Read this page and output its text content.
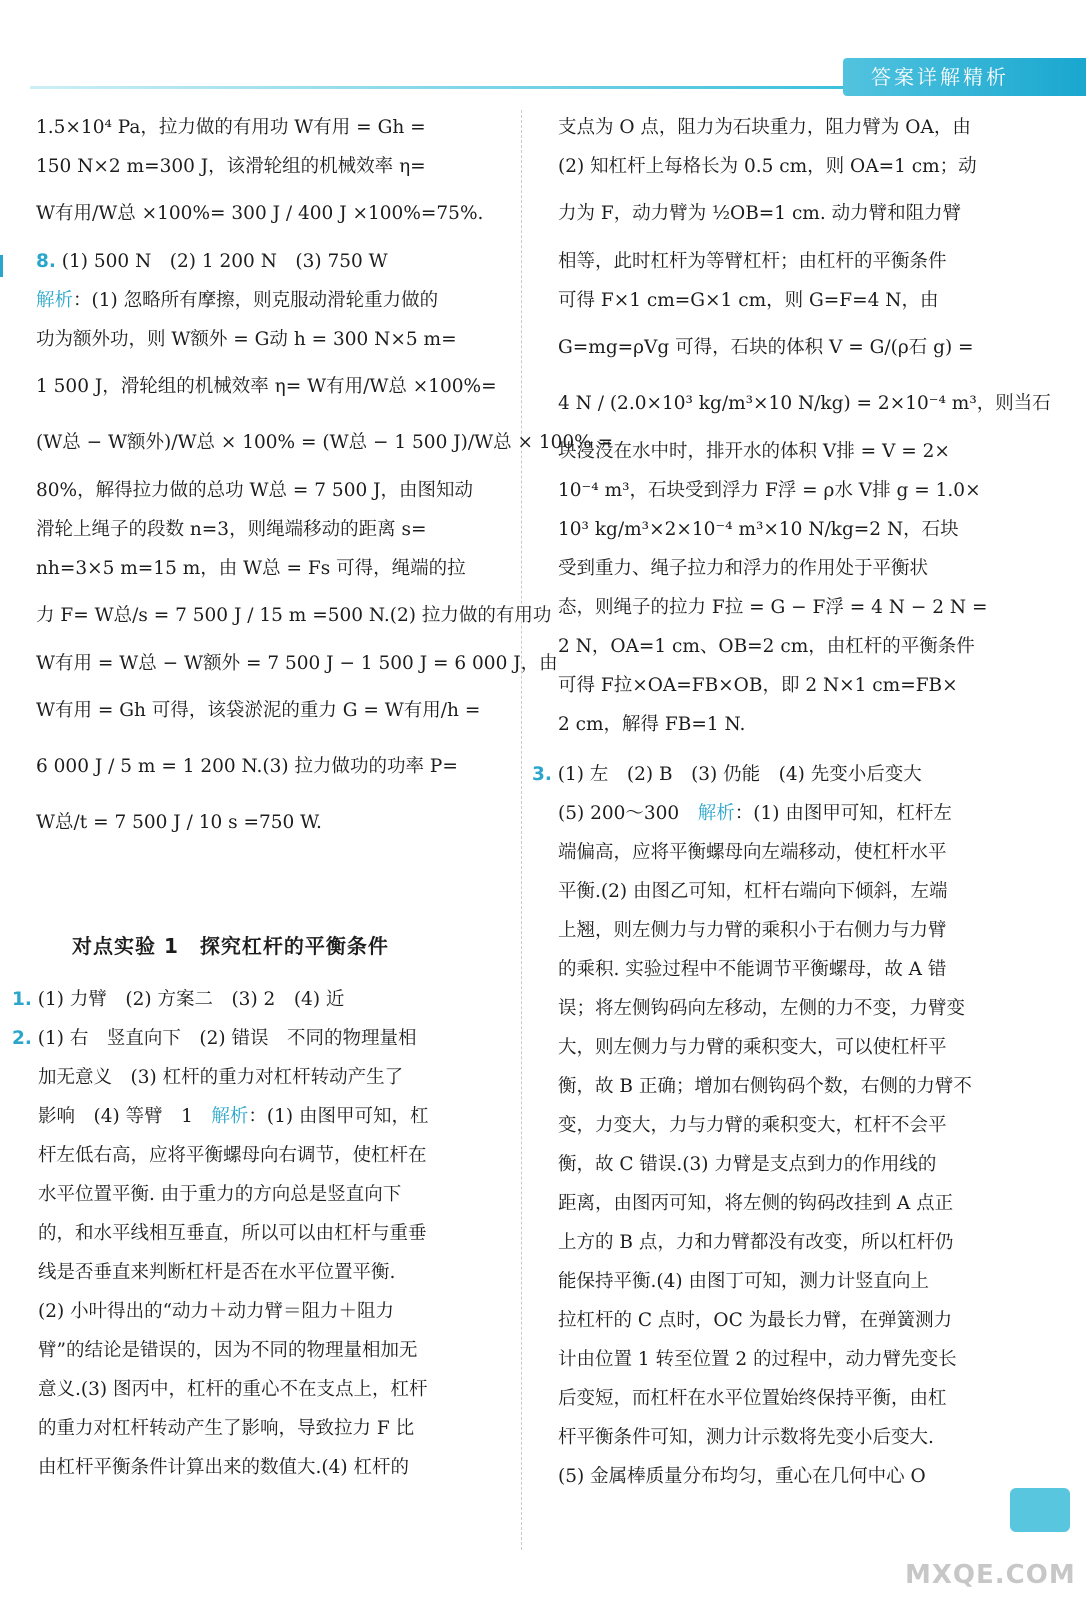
答案详解精析
1.5×10⁴ Pa，拉力做的有用功 W有用 = Gh =
150 N×2 m=300 J，该滑轮组的机械效率 η=
W有用/W总 ×100%= 300 J / 400 J ×100%=75%.
8. (1) 500 N　(2) 1 200 N　(3) 750 W
解析：(1) 忽略所有摩擦，则克服动滑轮重力做的
功为额外功，则 W额外 = G动 h = 300 N×5 m=
1 500 J，滑轮组的机械效率 η= W有用/W总 ×100%=
(W总 − W额外)/W总 × 100% = (W总 − 1 500 J)/W总 × 100% =
80%，解得拉力做的总功 W总 = 7 500 J，由图知动
滑轮上绳子的段数 n=3，则绳端移动的距离 s=
nh=3×5 m=15 m，由 W总 = Fs 可得，绳端的拉
力 F= W总/s = 7 500 J / 15 m =500 N.(2) 拉力做的有用功
W有用 = W总 − W额外 = 7 500 J − 1 500 J = 6 000 J，由
W有用 = Gh 可得，该袋淤泥的重力 G = W有用/h =
6 000 J / 5 m = 1 200 N.(3) 拉力做功的功率 P=
W总/t = 7 500 J / 10 s =750 W.
对点实验 1　探究杠杆的平衡条件
1. (1) 力臂　(2) 方案二　(3) 2　(4) 近
2. (1) 右　竖直向下　(2) 错误　不同的物理量相
加无意义　(3) 杠杆的重力对杠杆转动产生了
影响　(4) 等臂　1　解析：(1) 由图甲可知，杠
杆左低右高，应将平衡螺母向右调节，使杠杆在
水平位置平衡. 由于重力的方向总是竖直向下
的，和水平线相互垂直，所以可以由杠杆与重垂
线是否垂直来判断杠杆是否在水平位置平衡.
(2) 小叶得出的“动力＋动力臂＝阻力＋阻力
臂”的结论是错误的，因为不同的物理量相加无
意义.(3) 图丙中，杠杆的重心不在支点上，杠杆
的重力对杠杆转动产生了影响，导致拉力 F 比
由杠杆平衡条件计算出来的数值大.(4) 杠杆的
支点为 O 点，阻力为石块重力，阻力臂为 OA，由
(2) 知杠杆上每格长为 0.5 cm，则 OA=1 cm；动
力为 F，动力臂为 ½OB=1 cm. 动力臂和阻力臂
相等，此时杠杆为等臂杠杆；由杠杆的平衡条件
可得 F×1 cm=G×1 cm，则 G=F=4 N，由
G=mg=ρVg 可得，石块的体积 V = G/(ρ石 g) =
4 N / (2.0×10³ kg/m³×10 N/kg) = 2×10⁻⁴ m³，则当石
块浸没在水中时，排开水的体积 V排 = V = 2×
10⁻⁴ m³，石块受到浮力 F浮 = ρ水 V排 g = 1.0×
10³ kg/m³×2×10⁻⁴ m³×10 N/kg=2 N，石块
受到重力、绳子拉力和浮力的作用处于平衡状
态，则绳子的拉力 F拉 = G − F浮 = 4 N − 2 N =
2 N，OA=1 cm、OB=2 cm，由杠杆的平衡条件
可得 F拉×OA=FB×OB，即 2 N×1 cm=FB×
2 cm，解得 FB=1 N.
3. (1) 左　(2) B　(3) 仍能　(4) 先变小后变大
(5) 200～300　解析：(1) 由图甲可知，杠杆左
端偏高，应将平衡螺母向左端移动，使杠杆水平
平衡.(2) 由图乙可知，杠杆右端向下倾斜，左端
上翘，则左侧力与力臂的乘积小于右侧力与力臂
的乘积. 实验过程中不能调节平衡螺母，故 A 错
误；将左侧钩码向左移动，左侧的力不变，力臂变
大，则左侧力与力臂的乘积变大，可以使杠杆平
衡，故 B 正确；增加右侧钩码个数，右侧的力臂不
变，力变大，力与力臂的乘积变大，杠杆不会平
衡，故 C 错误.(3) 力臂是支点到力的作用线的
距离，由图丙可知，将左侧的钩码改挂到 A 点正
上方的 B 点，力和力臂都没有改变，所以杠杆仍
能保持平衡.(4) 由图丁可知，测力计竖直向上
拉杠杆的 C 点时，OC 为最长力臂，在弹簧测力
计由位置 1 转至位置 2 的过程中，动力臂先变长
后变短，而杠杆在水平位置始终保持平衡，由杠
杆平衡条件可知，测力计示数将先变小后变大.
(5) 金属棒质量分布均匀，重心在几何中心 O
MXQE.COM
